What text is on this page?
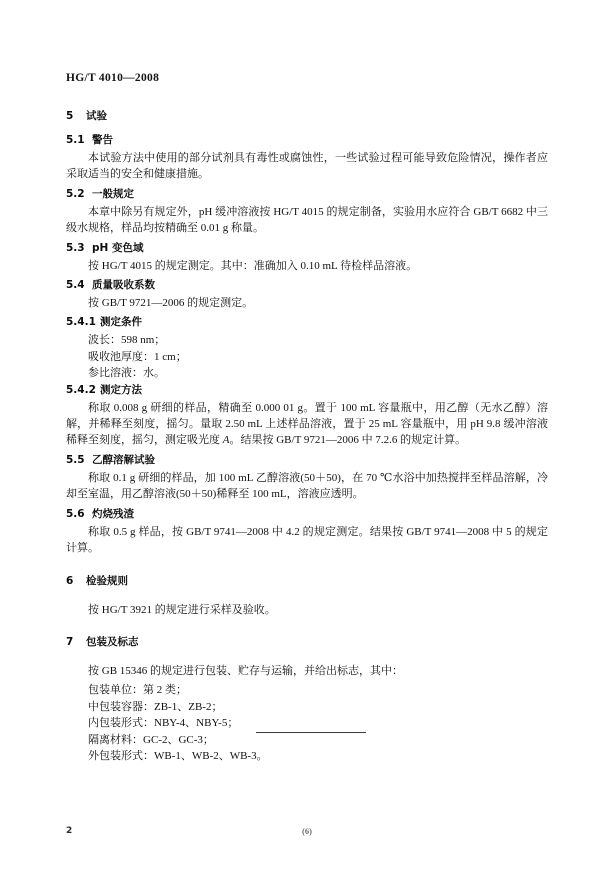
HG/T 4010—2008
5 试验
5.1 警告

本试验方法中使用的部分试剂具有毒性或腐蚀性，一些试验过程可能导致危险情况，操作者应采取适当的安全和健康措施。

5.2 一般规定

本章中除另有规定外，pH 缓冲溶液按 HG/T 4015 的规定制备，实验用水应符合 GB/T 6682 中三级水规格，样品均按精确至 0.01 g 称量。

5.3 pH 变色域

按 HG/T 4015 的规定测定。其中：准确加入 0.10 mL 待检样品溶液。

5.4 质量吸收系数

按 GB/T 9721—2006 的规定测定。

5.4.1 测定条件

波长：598 nm；

吸收池厚度：1 cm；

参比溶液：水。

5.4.2 测定方法

称取 0.008 g 研细的样品，精确至 0.000 01 g。置于 100 mL 容量瓶中，用乙醇（无水乙醇）溶解，并稀释至刻度，摇匀。量取 2.50 mL 上述样品溶液，置于 25 mL 容量瓶中，用 pH 9.8 缓冲溶液稀释至刻度，摇匀，测定吸光度 A。结果按 GB/T 9721—2006 中 7.2.6 的规定计算。

5.5 乙醇溶解试验

称取 0.1 g 研细的样品，加 100 mL 乙醇溶液(50＋50)，在 70 ℃水浴中加热搅拌至样品溶解，冷却至室温，用乙醇溶液(50＋50)稀释至 100 mL，溶液应透明。

5.6 灼烧残渣

称取 0.5 g 样品，按 GB/T 9741—2008 中 4.2 的规定测定。结果按 GB/T 9741—2008 中 5 的规定计算。

6 检验规则

按 HG/T 3921 的规定进行采样及验收。

7 包装及标志

按 GB 15346 的规定进行包装、贮存与运输，并给出标志，其中：

包装单位：第 2 类；

中包装容器：ZB-1、ZB-2；

内包装形式：NBY-4、NBY-5；

隔离材料：GC-2、GC-3；

外包装形式：WB-1、WB-2、WB-3。

2	(6)
